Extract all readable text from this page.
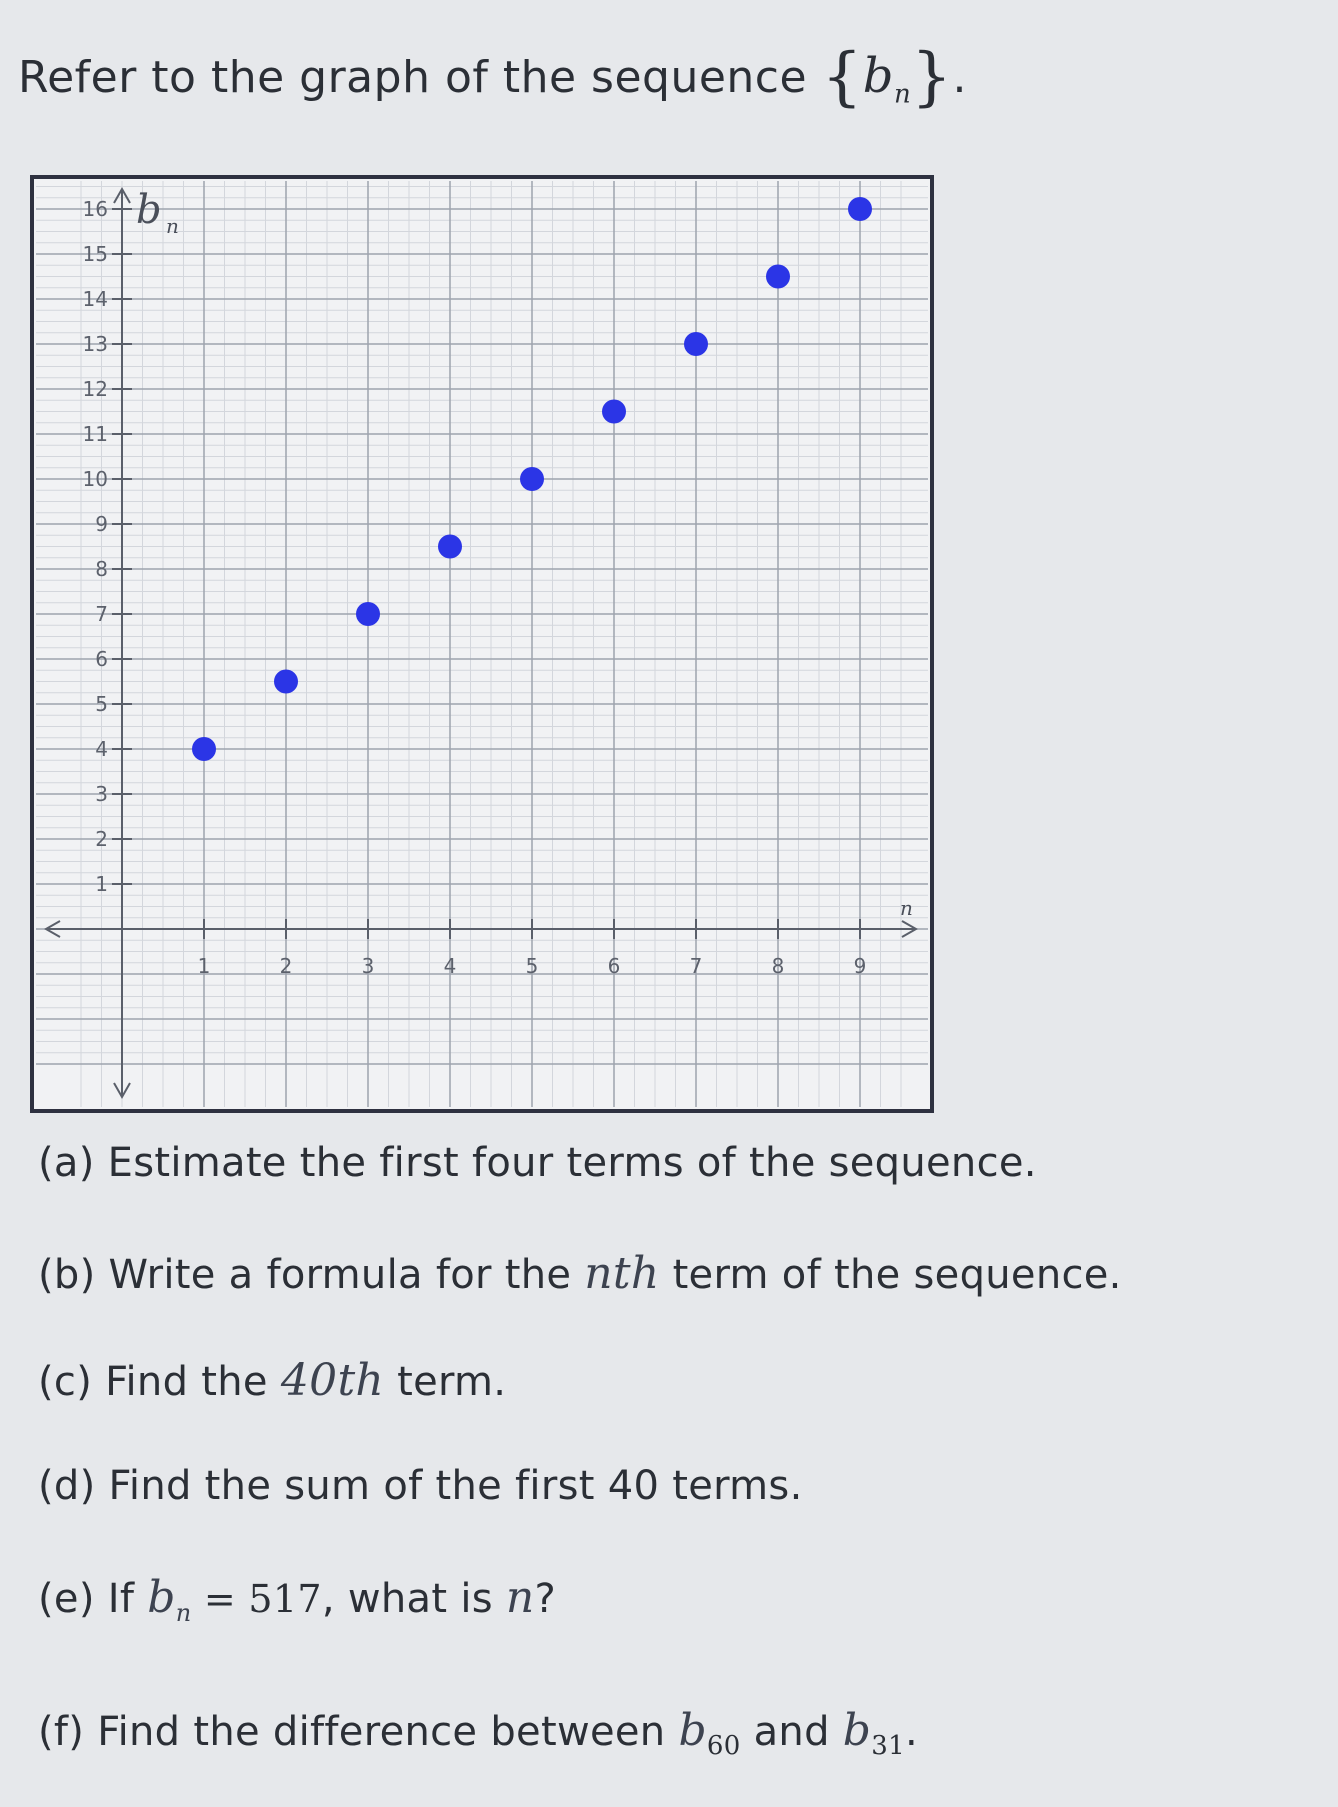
Refer to the graph of the sequence $\{b_n\}$.
1
2
3
4
5
6
7
8
9
10
11
12
13
14
15
16
1	2	3	4	5	6	7	8	9
b n
n
(a) Estimate the first four terms of the sequence.
(b) Write a formula for the nth term of the sequence.
(c) Find the 40th term.
(d) Find the sum of the first 40 terms.
(e) If $b_n = 517$, what is n?
(f) Find the difference between $b_{60}$ and $b_{31}$.
